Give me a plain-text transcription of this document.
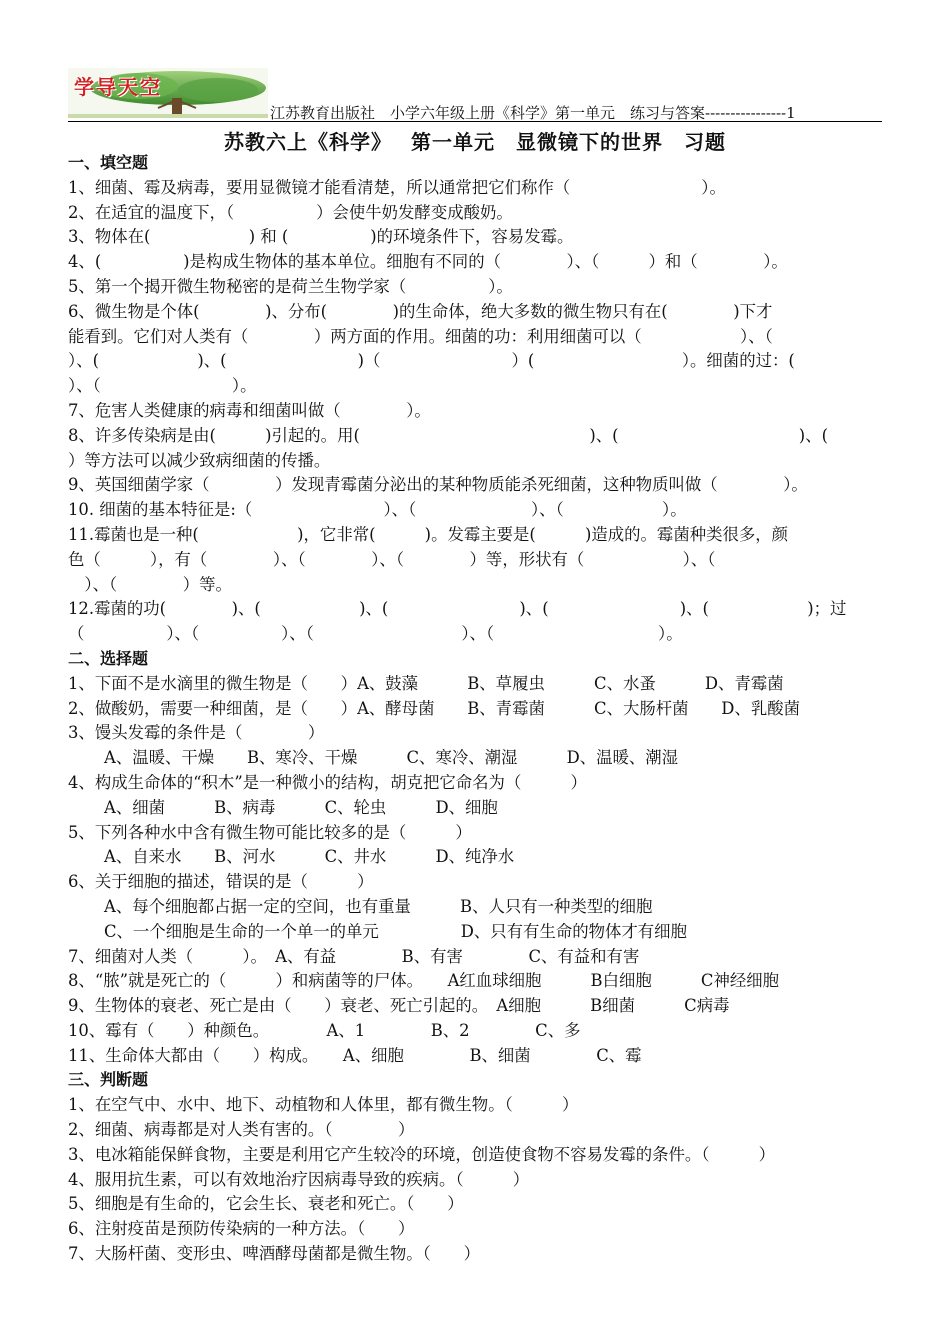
学导天空
江苏教育出版社　小学六年级上册《科学》第一单元　练习与答案----------------1
苏教六上《科学》　 第一单元　显微镜下的世界　习题
一、填空题
1、细菌、霉及病毒，要用显微镜才能看清楚，所以通常把它们称作（　　　　　　　　）。
2、在适宜的温度下，（　　　　　）会使牛奶发酵变成酸奶。
3、物体在(　　　　　　) 和 (　　　　　)的环境条件下，容易发霉。
4、(　　　　　)是构成生物体的基本单位。细胞有不同的（　　　　）、（　　　）和（　　　　）。
5、第一个揭开微生物秘密的是荷兰生物学家（　　　　　）。
6、微生物是个体(　　　　)、分布(　　　　)的生命体，绝大多数的微生物只有在(　　　　)下才
能看到。它们对人类有（　　　　）两方面的作用。细菌的功：利用细菌可以（　　　　　　）、（
）、(　　　　　　)、(　　　　　　　　)（　　　　　　　　）(　　　　　　　　　）。细菌的过：(
）、（　　　　　　　　）。
7、危害人类健康的病毒和细菌叫做（　　　　）。
8、许多传染病是由(　　　)引起的。用(　　　　　　　　　　　　　　)、(　　　　　　　　　　　)、(
）等方法可以减少致病细菌的传播。
9、英国细菌学家（　　　　）发现青霉菌分泌出的某种物质能杀死细菌，这种物质叫做（　　　　）。
10. 细菌的基本特征是:（　　　　　　　　）、（　　　　　　　）、（　　　　　　）。
11.霉菌也是一种(　　　　　　)，它非常(　　　)。发霉主要是(　　　)造成的。霉菌种类很多，颜
色（　　　），有（　　　　）、（　　　　）、（　　　　）等，形状有（　　　　　　）、（
　）、（　　　　）等。
12.霉菌的功(　　　　)、(　　　　　　)、(　　　　　　　　)、(　　　　　　　　)、(　　　　　　)；过
（　　　　　）、（　　　　　）、（　　　　　　　　　）、（　　　　　　　　　　）。
二、选择题
1、下面不是水滴里的微生物是（　　）A、鼓藻　　　B、草履虫　　　C、水蚤　　　D、青霉菌
2、做酸奶，需要一种细菌，是（　　）A、酵母菌　　B、青霉菌　　　C、大肠杆菌　　D、乳酸菌
3、馒头发霉的条件是（　　　　）
A、温暖、干燥　　B、寒冷、干燥　　　C、寒冷、潮湿　　　D、温暖、潮湿
4、构成生命体的“积木”是一种微小的结构，胡克把它命名为（　　　）
A、细菌　　　B、病毒　　　C、轮虫　　　D、细胞
5、下列各种水中含有微生物可能比较多的是（　　　）
A、自来水　　B、河水　　　C、井水　　　D、纯净水
6、关于细胞的描述，错误的是（　　　）
A、每个细胞都占据一定的空间，也有重量　　　B、人只有一种类型的细胞
C、一个细胞是生命的一个单一的单元　　　　　D、只有有生命的物体才有细胞
7、细菌对人类（　　　）。　A、有益　　　　B、有害　　　　C、有益和有害
8、“脓”就是死亡的（　　　）和病菌等的尸体。　　A红血球细胞　　　B白细胞　　　C神经细胞
9、生物体的衰老、死亡是由（　　）衰老、死亡引起的。　A细胞　　　B细菌　　　C病毒
10、霉有（　　）种颜色。　　　　A、1　　　　B、2　　　　C、多
11、生命体大都由（　　）构成。　　A、细胞　　　　B、细菌　　　　C、霉
三、判断题
1、在空气中、水中、地下、动植物和人体里，都有微生物。（　　　）
2、细菌、病毒都是对人类有害的。（　　　　）
3、电冰箱能保鲜食物，主要是利用它产生较冷的环境，创造使食物不容易发霉的条件。（　　　）
4、服用抗生素，可以有效地治疗因病毒导致的疾病。（　　　）
5、细胞是有生命的，它会生长、衰老和死亡。（　　）
6、注射疫苗是预防传染病的一种方法。（　　）
7、大肠杆菌、变形虫、啤酒酵母菌都是微生物。（　　）
